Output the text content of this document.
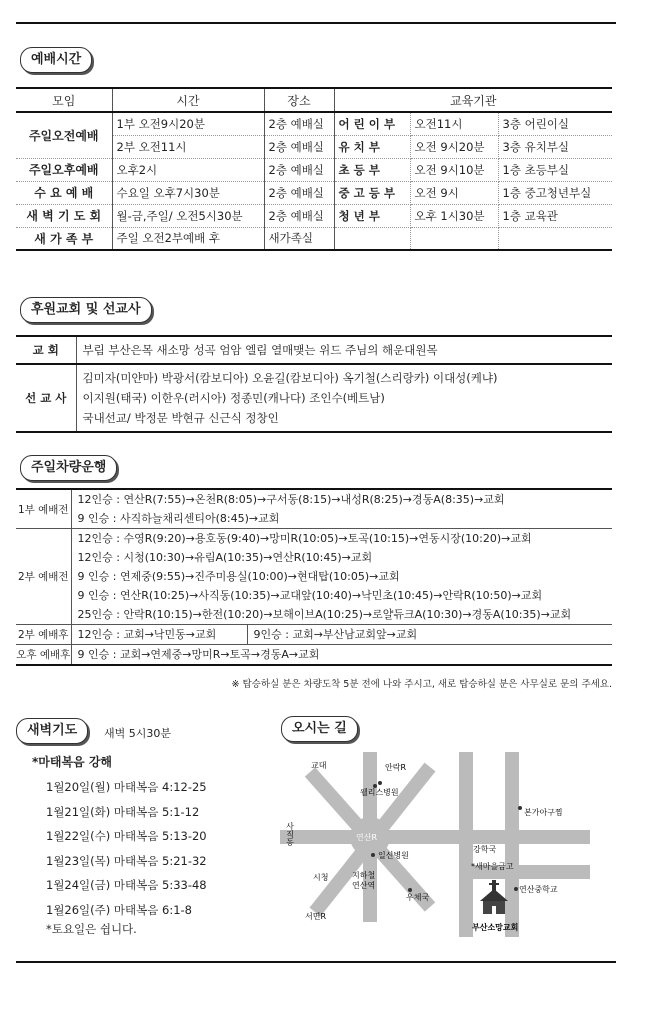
예배시간
모임	시간	장소	교육기관		
주일오전예배	1부 오전9시20분	2층 예배실	어 린 이 부	오전11시	3층 어린이실
	2부 오전11시	2층 예배실	유 치 부	오전 9시20분	3층 유치부실
주일오후예배	오후2시	2층 예배실	초 등 부	오전 9시10분	1층 초등부실
수 요 예 배	수요일 오후7시30분	2층 예배실	중 고 등 부	오전 9시	1층 중고청년부실
새 벽 기 도 회	월-금,주일/ 오전5시30분	2층 예배실	청 년 부	오후 1시30분	1층 교육관
새 가 족 부	주일 오전2부예배 후	새가족실			
후원교회 및 선교사
교 회	부림 부산은목 새소망 성곡 엄암 엘림 열매맺는 위드 주님의 해운대원목

선 교 사	김미자(미얀마) 박광서(캄보디아) 오윤길(캄보디아) 옥기철(스리랑카) 이대성(케냐)
이지원(태국) 이한우(러시아) 정종민(캐나다) 조인수(베트남)
국내선교/ 박정문 박현규 신근식 정창인
주일차량운행
1부 예배전	12인승 : 연산R(7:55)→온천R(8:05)→구서동(8:15)→내성R(8:25)→경동A(8:35)→교회
9 인승 : 사직하늘채리센티아(8:45)→교회	

2부 예배전	12인승 : 수영R(9:20)→용호동(9:40)→망미R(10:05)→토곡(10:15)→연동시장(10:20)→교회
12인승 : 시청(10:30)→유림A(10:35)→연산R(10:45)→교회
9 인승 : 연제중(9:55)→진주미용실(10:00)→현대탑(10:05)→교회
9 인승 : 연산R(10:25)→사직동(10:35)→교대앞(10:40)→낙민초(10:45)→안락R(10:50)→교회
25인승 : 안락R(10:15)→한전(10:20)→보해이브A(10:25)→로얄듀크A(10:30)→경동A(10:35)→교회	

2부 예배후	12인승 : 교회→낙민동→교회	9인승 : 교회→부산남교회앞→교회

오후 예배후	9 인승 : 교회→연제중→망미R→토곡→경동A→교회	
※ 탑승하실 분은 차량도착 5분 전에 나와 주시고, 새로 탑승하실 분은 사무실로 문의 주세요.
새벽기도	새벽 5시30분
*마태복음 강해
1월20일(월) 마태복음 4:12-25
1월21일(화) 마태복음 5:1-12
1월22일(수) 마태복음 5:13-20
1월23일(목) 마태복음 5:21-32
1월24일(금) 마태복음 5:33-48
1월26일(주) 마태복음 6:1-8
*토요일은 쉽니다.
오시는 길
교대	안락R
웰리스병원
사직동	연산R
일신병원
시청	지하철
연산역
우체국
서면R
본가아구찜
강학국
*새마을금고
연산중학교
부산소망교회
